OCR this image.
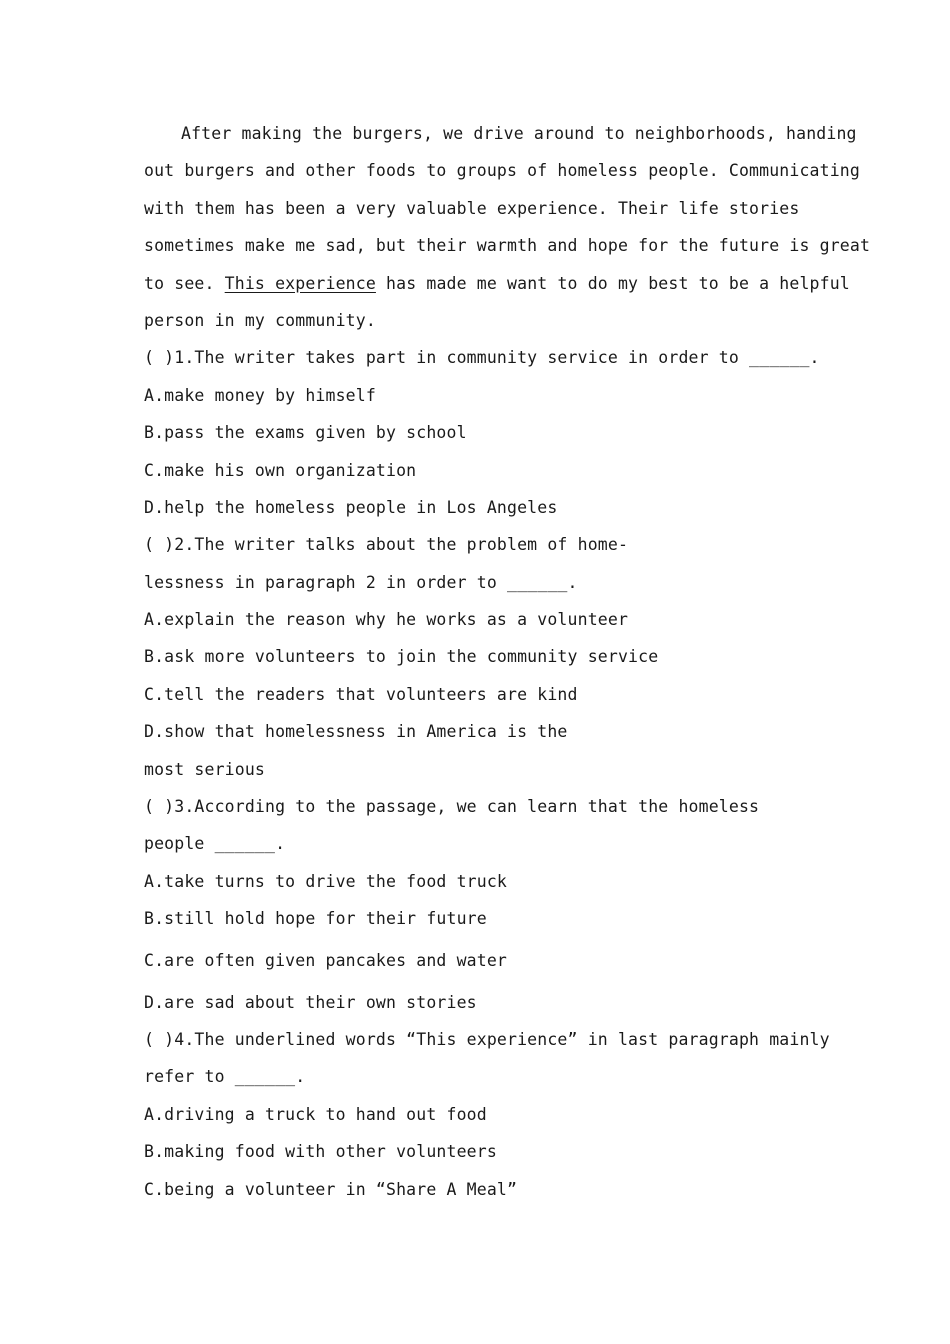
After making the burgers, we drive around to neighborhoods, handing
out burgers and other foods to groups of homeless people. Communicating
with them has been a very valuable experience. Their life stories
sometimes make me sad, but their warmth and hope for the future is great
to see. This experience has made me want to do my best to be a helpful
person in my community.
( )1.The writer takes part in community service in order to ______.
A.make money by himself
B.pass the exams given by school
C.make his own organization
D.help the homeless people in Los Angeles
( )2.The writer talks about the problem of home-
lessness in paragraph 2 in order to ______.
A.explain the reason why he works as a volunteer
B.ask more volunteers to join the community service
C.tell the readers that volunteers are kind
D.show that homelessness in America is the
most serious
( )3.According to the passage, we can learn that the homeless
people ______.
A.take turns to drive the food truck
B.still hold hope for their future
C.are often given pancakes and water
D.are sad about their own stories
( )4.The underlined words “This experience” in last paragraph mainly
refer to ______.
A.driving a truck to hand out food
B.making food with other volunteers
C.being a volunteer in “Share A Meal”
